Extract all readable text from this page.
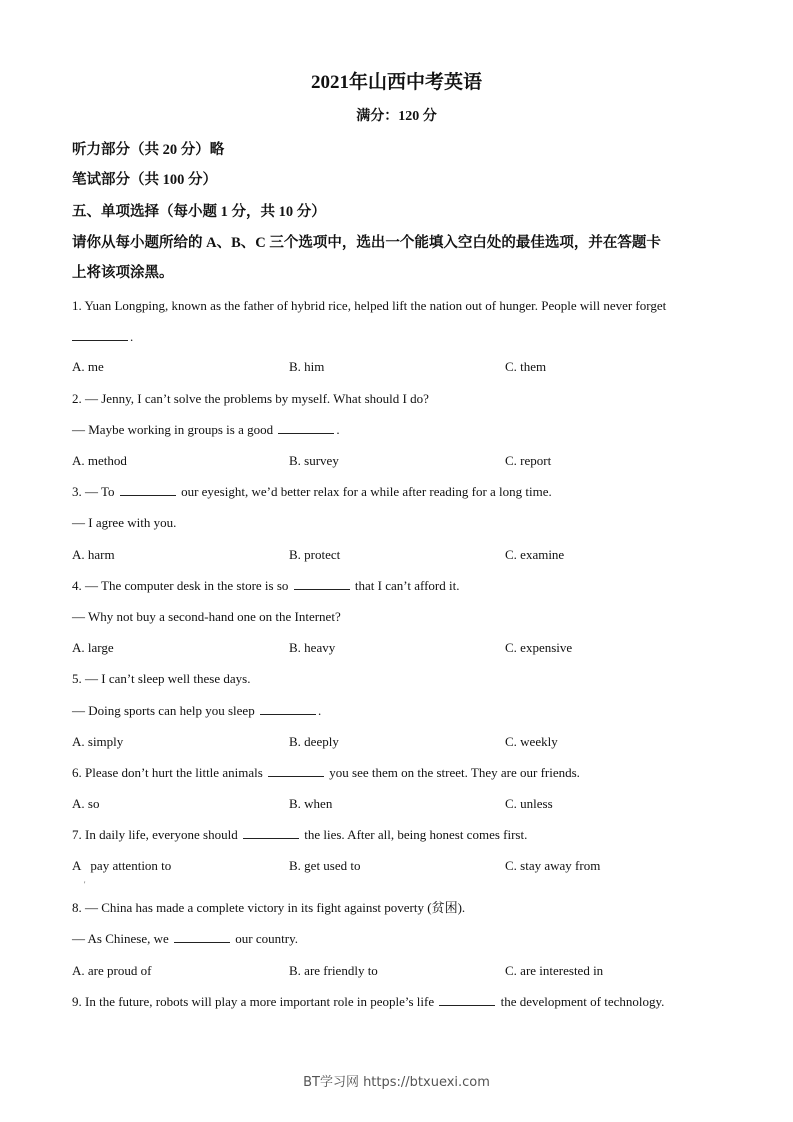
2021年山西中考英语
满分：120 分
听力部分（共 20 分）略
笔试部分（共 100 分）
五、单项选择（每小题 1 分，共 10 分）
请你从每小题所给的 A、B、C 三个选项中，选出一个能填入空白处的最佳选项，并在答题卡
上将该项涂黑。
1. Yuan Longping, known as the father of hybrid rice, helped lift the nation out of hunger. People will never forget
.
A. me	B. him	C. them
2. — Jenny, I can’t solve the problems by myself. What should I do?
— Maybe working in groups is a good	.
A. method	B. survey	C. report
3. — To	our eyesight, we’d better relax for a while after reading for a long time.
— I agree with you.
A. harm	B. protect	C. examine
4. — The computer desk in the store is so	that I can’t afford it.
— Why not buy a second-hand one on the Internet?
A. large	B. heavy	C. expensive
5. — I can’t sleep well these days.
— Doing sports can help you sleep	.
A. simply	B. deeply	C. weekly
6. Please don’t hurt the little animals	you see them on the street. They are our friends.
A. so	B. when	C. unless
7. In daily life, everyone should	the lies. After all, being honest comes first.
A   pay attention to	B. get used to	C. stay away from
'
8. — China has made a complete victory in its fight against poverty (贫困).
— As Chinese, we	our country.
A. are proud of	B. are friendly to	C. are interested in
9. In the future, robots will play a more important role in people’s life	the development of technology.
BT学习网 https://btxuexi.com
